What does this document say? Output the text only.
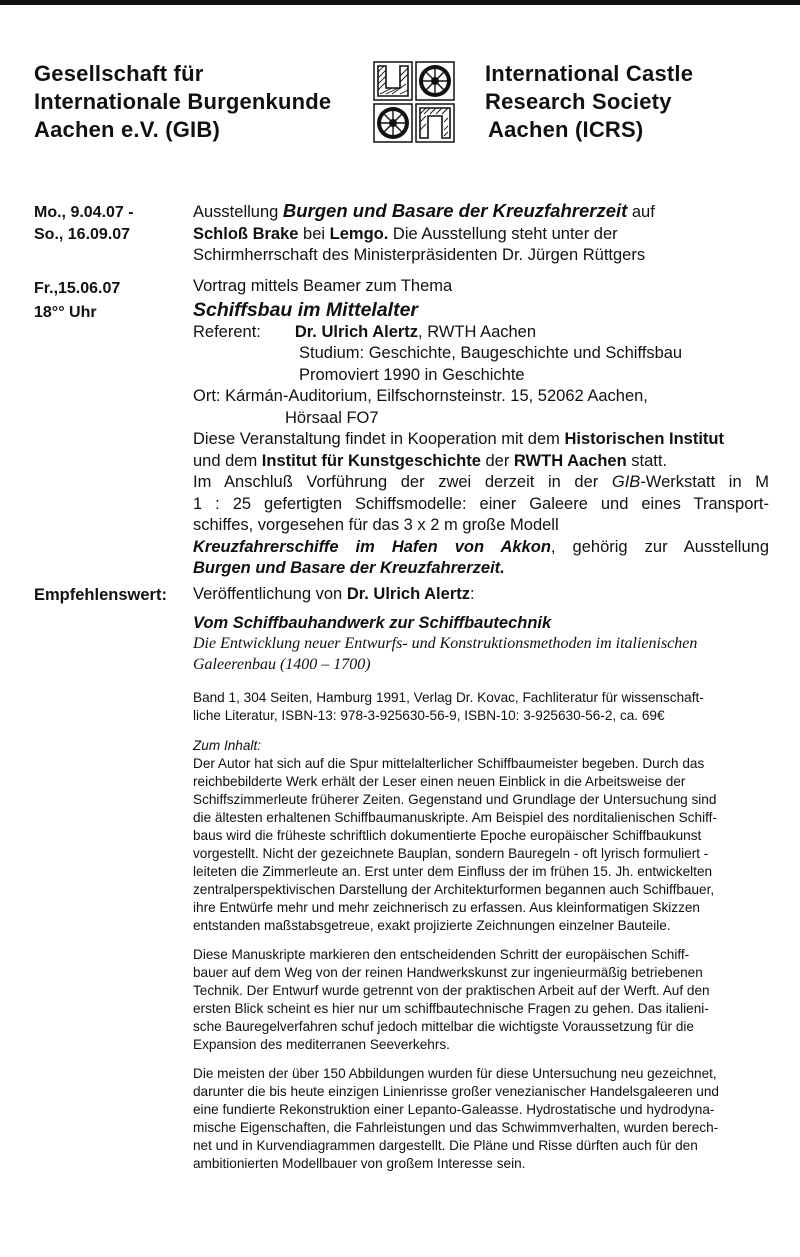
Gesellschaft für
Internationale Burgenkunde
Aachen e.V. (GIB)
International Castle
Research Society
Aachen (ICRS)
Mo., 9.04.07 -
So., 16.09.07
Ausstellung Burgen und Basare der Kreuzfahrerzeit auf
Schloß Brake bei Lemgo. Die Ausstellung steht unter der
Schirmherrschaft des Ministerpräsidenten Dr. Jürgen Rüttgers
Fr.,15.06.07
18°° Uhr
Vortrag mittels Beamer zum Thema
Schiffsbau im Mittelalter
Referent: Dr. Ulrich Alertz, RWTH Aachen
Studium: Geschichte, Baugeschichte und Schiffsbau
Promoviert 1990 in Geschichte
Ort: Kármán-Auditorium, Eilfschornsteinstr. 15, 52062 Aachen,
Hörsaal FO7
Diese Veranstaltung findet in Kooperation mit dem Historischen Institut
und dem Institut für Kunstgeschichte der RWTH Aachen statt.
Im Anschluß Vorführung der zwei derzeit in der GIB-Werkstatt in M
1 : 25 gefertigten Schiffsmodelle: einer Galeere und eines Transport-
schiffes, vorgesehen für das 3 x 2 m große Modell
Kreuzfahrerschiffe im Hafen von Akkon, gehörig zur Ausstellung
Burgen und Basare der Kreuzfahrerzeit.
Empfehlenswert: Veröffentlichung von Dr. Ulrich Alertz:
Vom Schiffbauhandwerk zur Schiffbautechnik
Die Entwicklung neuer Entwurfs- und Konstruktionsmethoden im italienischen
Galeerenbau (1400 – 1700)
Band 1, 304 Seiten, Hamburg 1991, Verlag Dr. Kovac, Fachliteratur für wissenschaft-
liche Literatur, ISBN-13: 978-3-925630-56-9, ISBN-10: 3-925630-56-2, ca. 69€
Zum Inhalt:
Der Autor hat sich auf die Spur mittelalterlicher Schiffbaumeister begeben. Durch das
reichbebilderte Werk erhält der Leser einen neuen Einblick in die Arbeitsweise der
Schiffszimmerleute früherer Zeiten. Gegenstand und Grundlage der Untersuchung sind
die ältesten erhaltenen Schiffbaumanuskripte. Am Beispiel des norditalienischen Schiff-
baus wird die früheste schriftlich dokumentierte Epoche europäischer Schiffbaukunst
vorgestellt. Nicht der gezeichnete Bauplan, sondern Bauregeln - oft lyrisch formuliert -
leiteten die Zimmerleute an. Erst unter dem Einfluss der im frühen 15. Jh. entwickelten
zentralperspektivischen Darstellung der Architekturformen begannen auch Schiffbauer,
ihre Entwürfe mehr und mehr zeichnerisch zu erfassen. Aus kleinformatigen Skizzen
entstanden maßstabsgetreue, exakt projizierte Zeichnungen einzelner Bauteile.
Diese Manuskripte markieren den entscheidenden Schritt der europäischen Schiff-
bauer auf dem Weg von der reinen Handwerkskunst zur ingenieurmäßig betriebenen
Technik. Der Entwurf wurde getrennt von der praktischen Arbeit auf der Werft. Auf den
ersten Blick scheint es hier nur um schiffbautechnische Fragen zu gehen. Das italieni-
sche Bauregelverfahren schuf jedoch mittelbar die wichtigste Voraussetzung für die
Expansion des mediterranen Seeverkehrs.
Die meisten der über 150 Abbildungen wurden für diese Untersuchung neu gezeichnet,
darunter die bis heute einzigen Linienrisse großer venezianischer Handelsgaleeren und
eine fundierte Rekonstruktion einer Lepanto-Galeasse. Hydrostatische und hydrodyna-
mische Eigenschaften, die Fahrleistungen und das Schwimmverhalten, wurden berech-
net und in Kurvendiagrammen dargestellt. Die Pläne und Risse dürften auch für den
ambitionierten Modellbauer von großem Interesse sein.
